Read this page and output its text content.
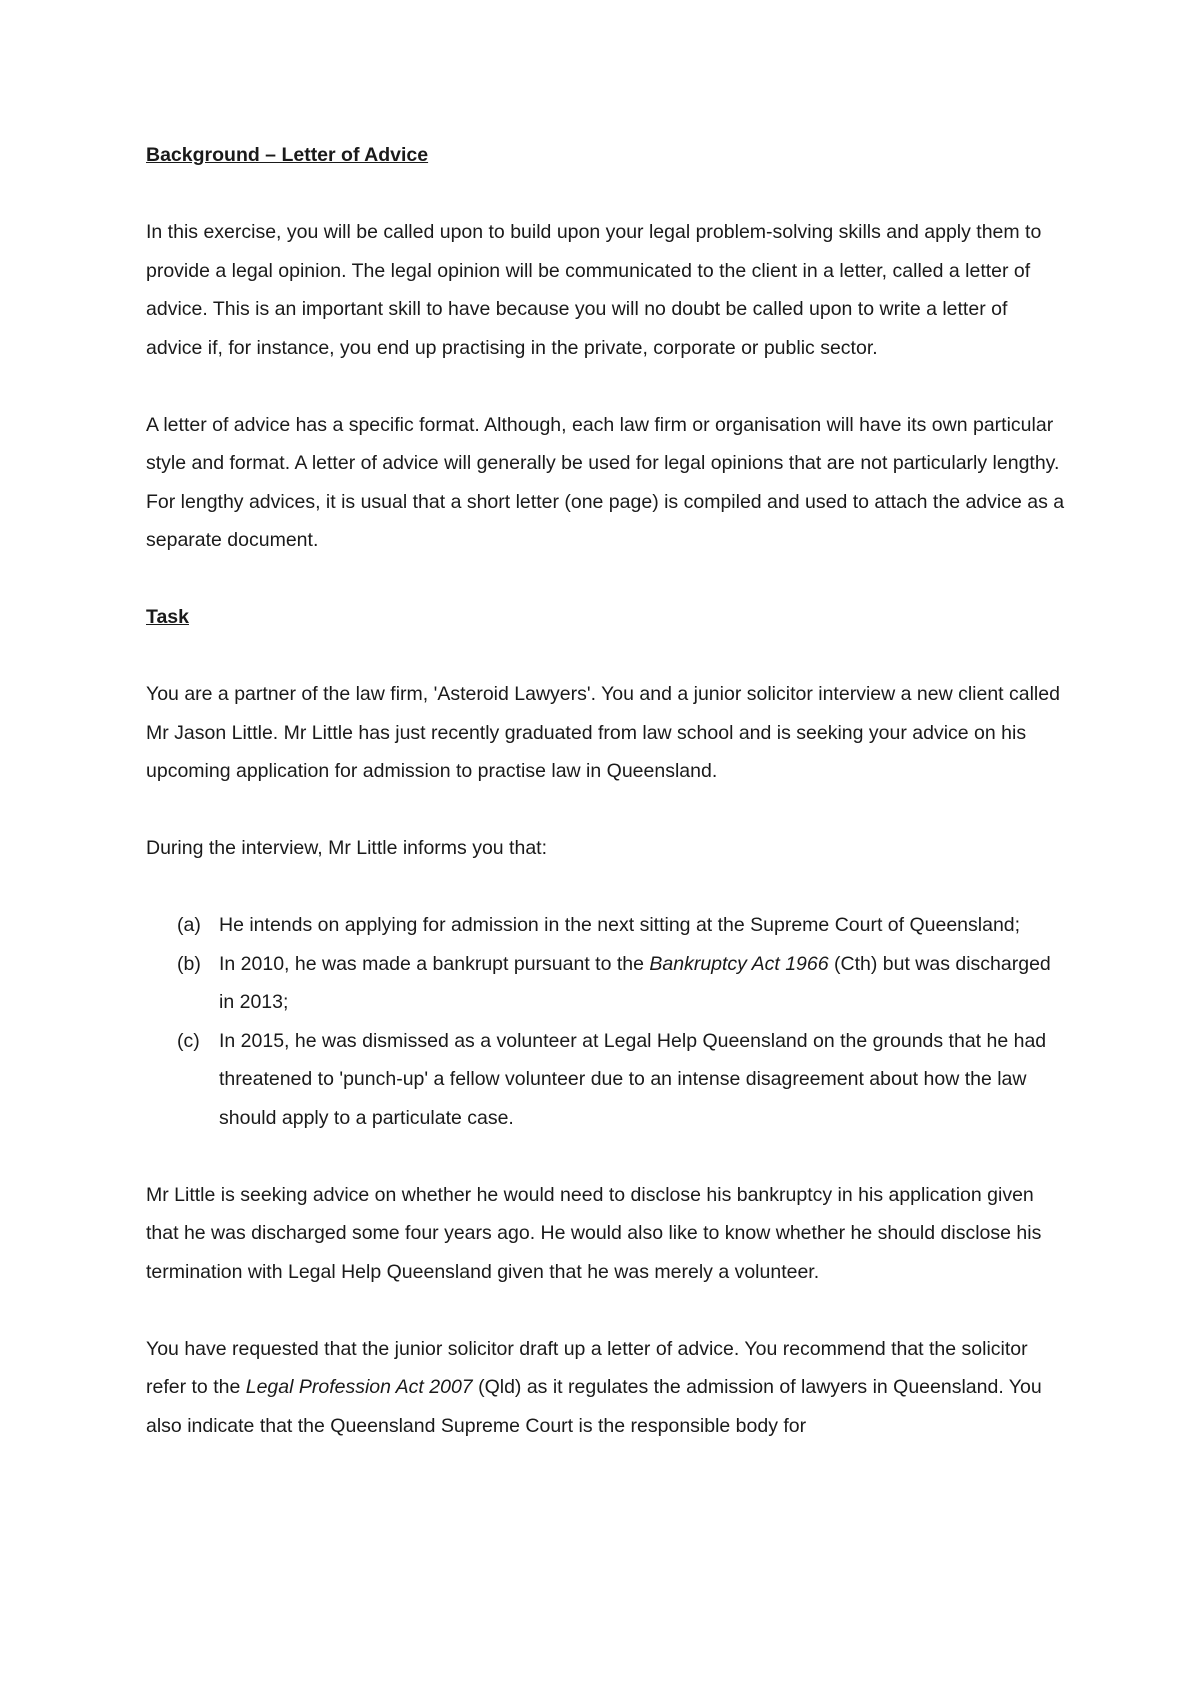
Background – Letter of Advice

In this exercise, you will be called upon to build upon your legal problem-solving skills and apply them to provide a legal opinion. The legal opinion will be communicated to the client in a letter, called a letter of advice. This is an important skill to have because you will no doubt be called upon to write a letter of advice if, for instance, you end up practising in the private, corporate or public sector.

A letter of advice has a specific format. Although, each law firm or organisation will have its own particular style and format. A letter of advice will generally be used for legal opinions that are not particularly lengthy. For lengthy advices, it is usual that a short letter (one page) is compiled and used to attach the advice as a separate document.

Task

You are a partner of the law firm, 'Asteroid Lawyers'. You and a junior solicitor interview a new client called Mr Jason Little. Mr Little has just recently graduated from law school and is seeking your advice on his upcoming application for admission to practise law in Queensland.

During the interview, Mr Little informs you that:

(a) He intends on applying for admission in the next sitting at the Supreme Court of Queensland;
(b) In 2010, he was made a bankrupt pursuant to the Bankruptcy Act 1966 (Cth) but was discharged in 2013;
(c) In 2015, he was dismissed as a volunteer at Legal Help Queensland on the grounds that he had threatened to 'punch-up' a fellow volunteer due to an intense disagreement about how the law should apply to a particulate case.

Mr Little is seeking advice on whether he would need to disclose his bankruptcy in his application given that he was discharged some four years ago. He would also like to know whether he should disclose his termination with Legal Help Queensland given that he was merely a volunteer.

You have requested that the junior solicitor draft up a letter of advice. You recommend that the solicitor refer to the Legal Profession Act 2007 (Qld) as it regulates the admission of lawyers in Queensland. You also indicate that the Queensland Supreme Court is the responsible body for
